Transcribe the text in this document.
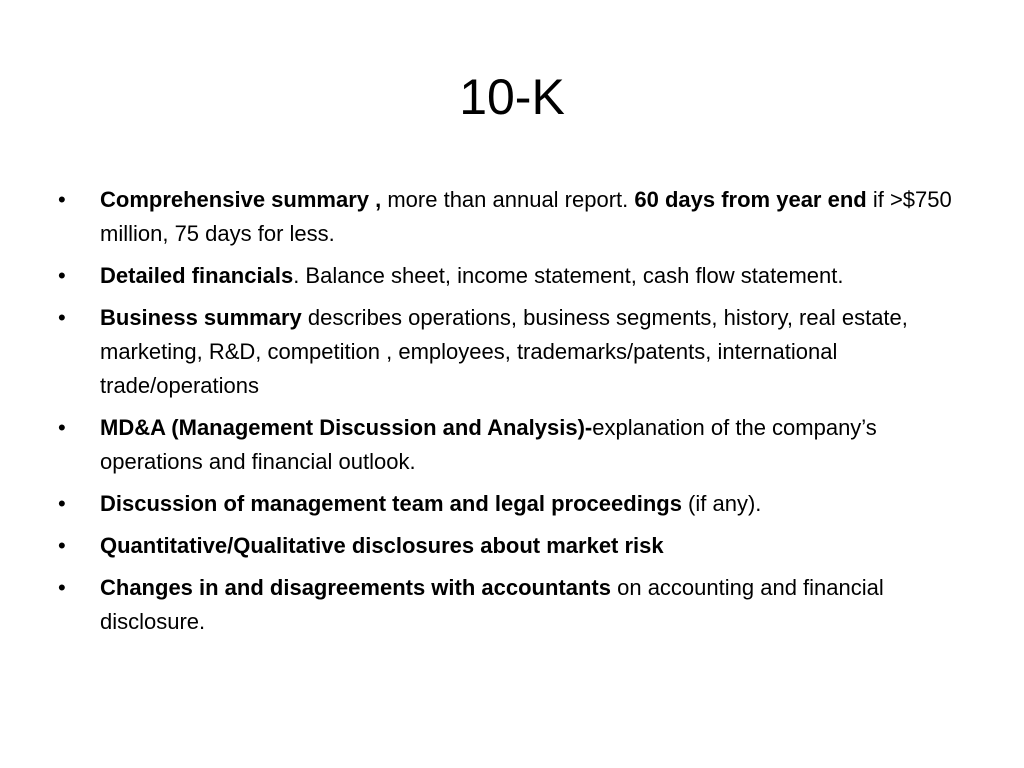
10-K
•	Comprehensive summary , more than annual report. 60 days from year end if >$750 million, 75 days for less.
•	Detailed financials. Balance sheet, income statement, cash flow statement.
•	Business summary describes operations, business segments, history, real estate, marketing, R&D, competition , employees, trademarks/patents, international trade/operations
•	MD&A (Management Discussion and Analysis)-explanation of the company’s operations and financial outlook.
•	Discussion of management team and legal proceedings (if any).
•	Quantitative/Qualitative disclosures about market risk
•	Changes in and disagreements with accountants on accounting and financial disclosure.
